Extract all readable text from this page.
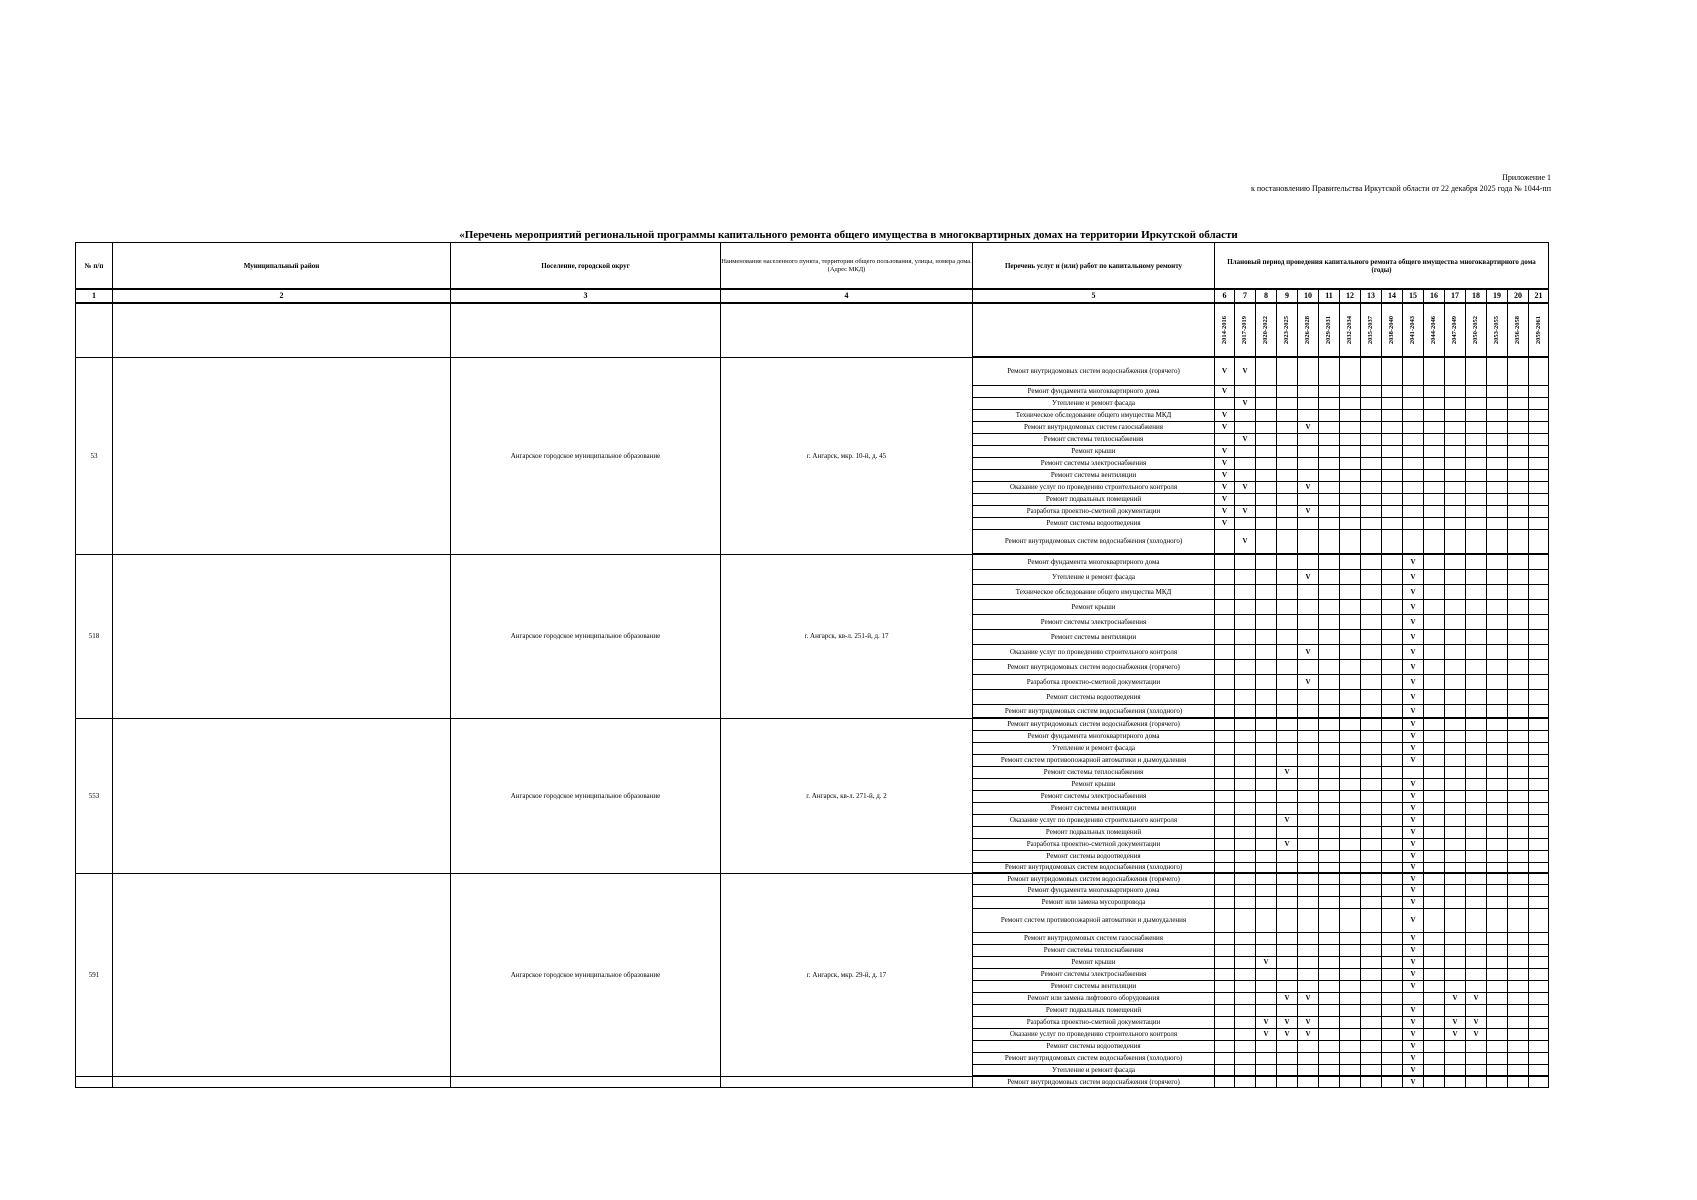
Приложение 1
к постановлению Правительства Иркутской области от 22 декабря 2025 года № 1044-пп
«Перечень мероприятий региональной программы капитального ремонта общего имущества в многоквартирных домах на территории Иркутской области
№ п/п	Муниципальный район	Поселение, городской округ	Наименование населенного пункта, территории общего пользования, улицы, номера дома. (Адрес МКД)	Перечень услуг и (или) работ по капитальному ремонту	Плановый период проведения капитального ремонта общего имущества многоквартирного дома (годы)															
1	2	3	4	5	6	7	8	9	10	11	12	13	14	15	16	17	18	19	20	21

					2014-2016	2017-2019	2020-2022	2023-2025	2026-2028	2029-2031	2032-2034	2035-2037	2038-2040	2041-2043	2044-2046	2047-2049	2050-2052	2053-2055	2056-2058	2059-2061

53		Ангарское городское муниципальное образование	г. Ангарск, мкр. 10-й, д. 45	Ремонт внутридомовых систем водоснабжения (горячего)	V	V														
				Ремонт фундамента многоквартирного дома	V															
				Утепление и ремонт фасада		V														
				Техническое обследование общего имущества МКД	V															
				Ремонт внутридомовых систем газоснабжения	V				V											
				Ремонт системы теплоснабжения		V														
				Ремонт крыши	V															
				Ремонт системы электроснабжения	V															
				Ремонт системы вентиляции	V															
				Оказание услуг по проведению строительного контроля	V	V			V											
				Ремонт подвальных помещений	V															
				Разработка проектно-сметной документации	V	V			V											
				Ремонт системы водоотведения	V															
				Ремонт внутридомовых систем водоснабжения (холодного)		V														
518		Ангарское городское муниципальное образование	г. Ангарск, кв-л. 251-й, д. 17	Ремонт фундамента многоквартирного дома										V						
				Утепление и ремонт фасада					V					V						
				Техническое обследование общего имущества МКД										V						
				Ремонт крыши										V						
				Ремонт системы электроснабжения										V						
				Ремонт системы вентиляции										V						
				Оказание услуг по проведению строительного контроля					V					V						
				Ремонт внутридомовых систем водоснабжения (горячего)										V						
				Разработка проектно-сметной документации					V					V						
				Ремонт системы водоотведения										V						
				Ремонт внутридомовых систем водоснабжения (холодного)										V						
553		Ангарское городское муниципальное образование	г. Ангарск, кв-л. 271-й, д. 2	Ремонт внутридомовых систем водоснабжения (горячего)										V						
				Ремонт фундамента многоквартирного дома										V						
				Утепление и ремонт фасада										V						
				Ремонт систем противопожарной автоматики и дымоудаления										V						
				Ремонт системы теплоснабжения				V												
				Ремонт крыши										V						
				Ремонт системы электроснабжения										V						
				Ремонт системы вентиляции										V						
				Оказание услуг по проведению строительного контроля				V						V						
				Ремонт подвальных помещений										V						
				Разработка проектно-сметной документации				V						V						
				Ремонт системы водоотведения										V						
				Ремонт внутридомовых систем водоснабжения (холодного)										V						
591		Ангарское городское муниципальное образование	г. Ангарск, мкр. 29-й, д. 17	Ремонт внутридомовых систем водоснабжения (горячего)										V						
				Ремонт фундамента многоквартирного дома										V						
				Ремонт или замена мусоропровода										V						
				Ремонт систем противопожарной автоматики и дымоудаления										V						
				Ремонт внутридомовых систем газоснабжения										V						
				Ремонт системы теплоснабжения										V						
				Ремонт крыши			V							V						
				Ремонт системы электроснабжения										V						
				Ремонт системы вентиляции										V						
				Ремонт или замена лифтового оборудования				V	V							V	V			
				Ремонт подвальных помещений										V						
				Разработка проектно-сметной документации			V	V	V					V		V	V			
				Оказание услуг по проведению строительного контроля			V	V	V					V		V	V			
				Ремонт системы водоотведения										V						
				Ремонт внутридомовых систем водоснабжения (холодного)										V						
				Утепление и ремонт фасада										V						
				Ремонт внутридомовых систем водоснабжения (горячего)										V						
